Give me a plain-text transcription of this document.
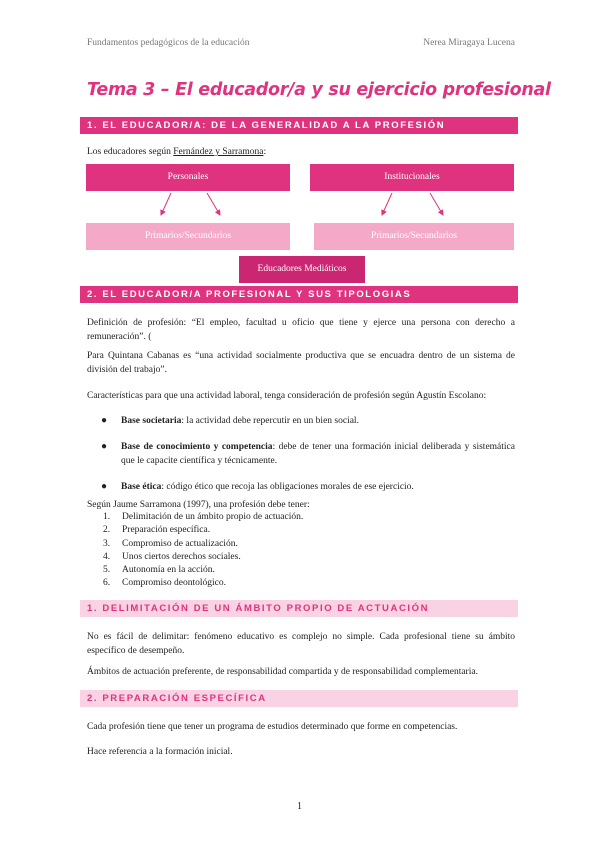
Fundamentos pedagógicos de la educación	Nerea Miragaya Lucena
Tema 3 – El educador/a y su ejercicio profesional
1. EL EDUCADOR/A: DE LA GENERALIDAD A LA PROFESIÓN
Los educadores según Fernández y Sarramona:
Personales	Institucionales
Primarios/Secundarios	Primarios/Secundarios
Educadores Mediáticos
2. EL EDUCADOR/A PROFESIONAL Y SUS TIPOLOGIAS
Definición de profesión: “El empleo, facultad u oficio que tiene y ejerce una persona con derecho a remuneración”. (
Para Quintana Cabanas es “una actividad socialmente productiva que se encuadra dentro de un sistema de división del trabajo”.
Características para que una actividad laboral, tenga consideración de profesión según Agustín Escolano:
● Base societaria: la actividad debe repercutir en un bien social.
● Base de conocimiento y competencia: debe de tener una formación inicial deliberada y sistemática que le capacite científica y técnicamente.
● Base ética: código ético que recoja las obligaciones morales de ese ejercicio.
Según Jaume Sarramona (1997), una profesión debe tener:
1. Delimitación de un ámbito propio de actuación.
2. Preparación específica.
3. Compromiso de actualización.
4. Unos ciertos derechos sociales.
5. Autonomía en la acción.
6. Compromiso deontológico.
1. DELIMITACIÓN DE UN ÁMBITO PROPIO DE ACTUACIÓN
No es fácil de delimitar: fenómeno educativo es complejo no simple. Cada profesional tiene su ámbito específico de desempeño.
Ámbitos de actuación preferente, de responsabilidad compartida y de responsabilidad complementaria.
2. PREPARACIÓN ESPECÍFICA
Cada profesión tiene que tener un programa de estudios determinado que forme en competencias.
Hace referencia a la formación inicial.
1
